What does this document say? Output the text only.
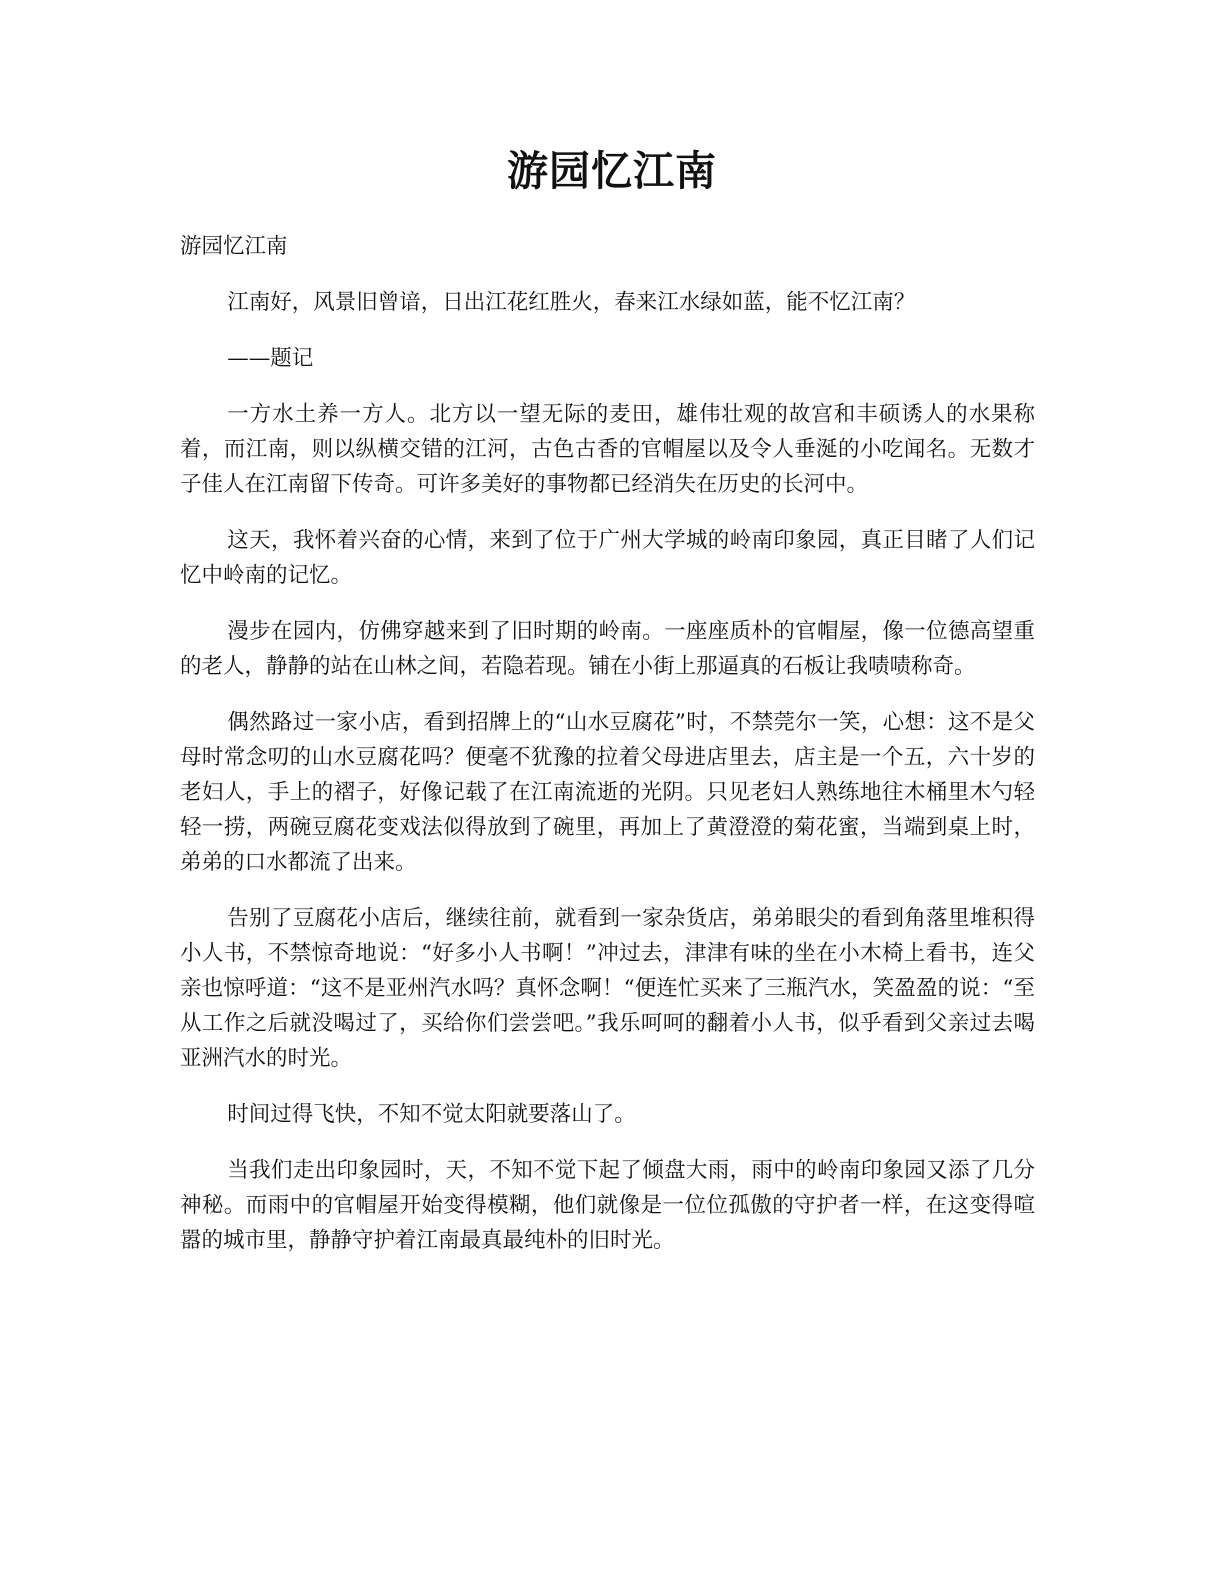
游园忆江南

游园忆江南

江南好，风景旧曾谙，日出江花红胜火，春来江水绿如蓝，能不忆江南？

——题记

一方水土养一方人。北方以一望无际的麦田，雄伟壮观的故宫和丰硕诱人的水果称着，而江南，则以纵横交错的江河，古色古香的官帽屋以及令人垂涎的小吃闻名。无数才子佳人在江南留下传奇。可许多美好的事物都已经消失在历史的长河中。

这天，我怀着兴奋的心情，来到了位于广州大学城的岭南印象园，真正目睹了人们记忆中岭南的记忆。

漫步在园内，仿佛穿越来到了旧时期的岭南。一座座质朴的官帽屋，像一位德高望重的老人，静静的站在山林之间，若隐若现。铺在小街上那逼真的石板让我啧啧称奇。

偶然路过一家小店，看到招牌上的“山水豆腐花”时，不禁莞尔一笑，心想：这不是父母时常念叨的山水豆腐花吗？便毫不犹豫的拉着父母进店里去，店主是一个五，六十岁的老妇人，手上的褶子，好像记载了在江南流逝的光阴。只见老妇人熟练地往木桶里木勺轻轻一捞，两碗豆腐花变戏法似得放到了碗里，再加上了黄澄澄的菊花蜜，当端到桌上时，弟弟的口水都流了出来。

告别了豆腐花小店后，继续往前，就看到一家杂货店，弟弟眼尖的看到角落里堆积得小人书，不禁惊奇地说：“好多小人书啊！”冲过去，津津有味的坐在小木椅上看书，连父亲也惊呼道：“这不是亚州汽水吗？真怀念啊！“便连忙买来了三瓶汽水，笑盈盈的说：“至从工作之后就没喝过了，买给你们尝尝吧。”我乐呵呵的翻着小人书，似乎看到父亲过去喝亚洲汽水的时光。

时间过得飞快，不知不觉太阳就要落山了。

当我们走出印象园时，天，不知不觉下起了倾盘大雨，雨中的岭南印象园又添了几分神秘。而雨中的官帽屋开始变得模糊，他们就像是一位位孤傲的守护者一样，在这变得喧嚣的城市里，静静守护着江南最真最纯朴的旧时光。
